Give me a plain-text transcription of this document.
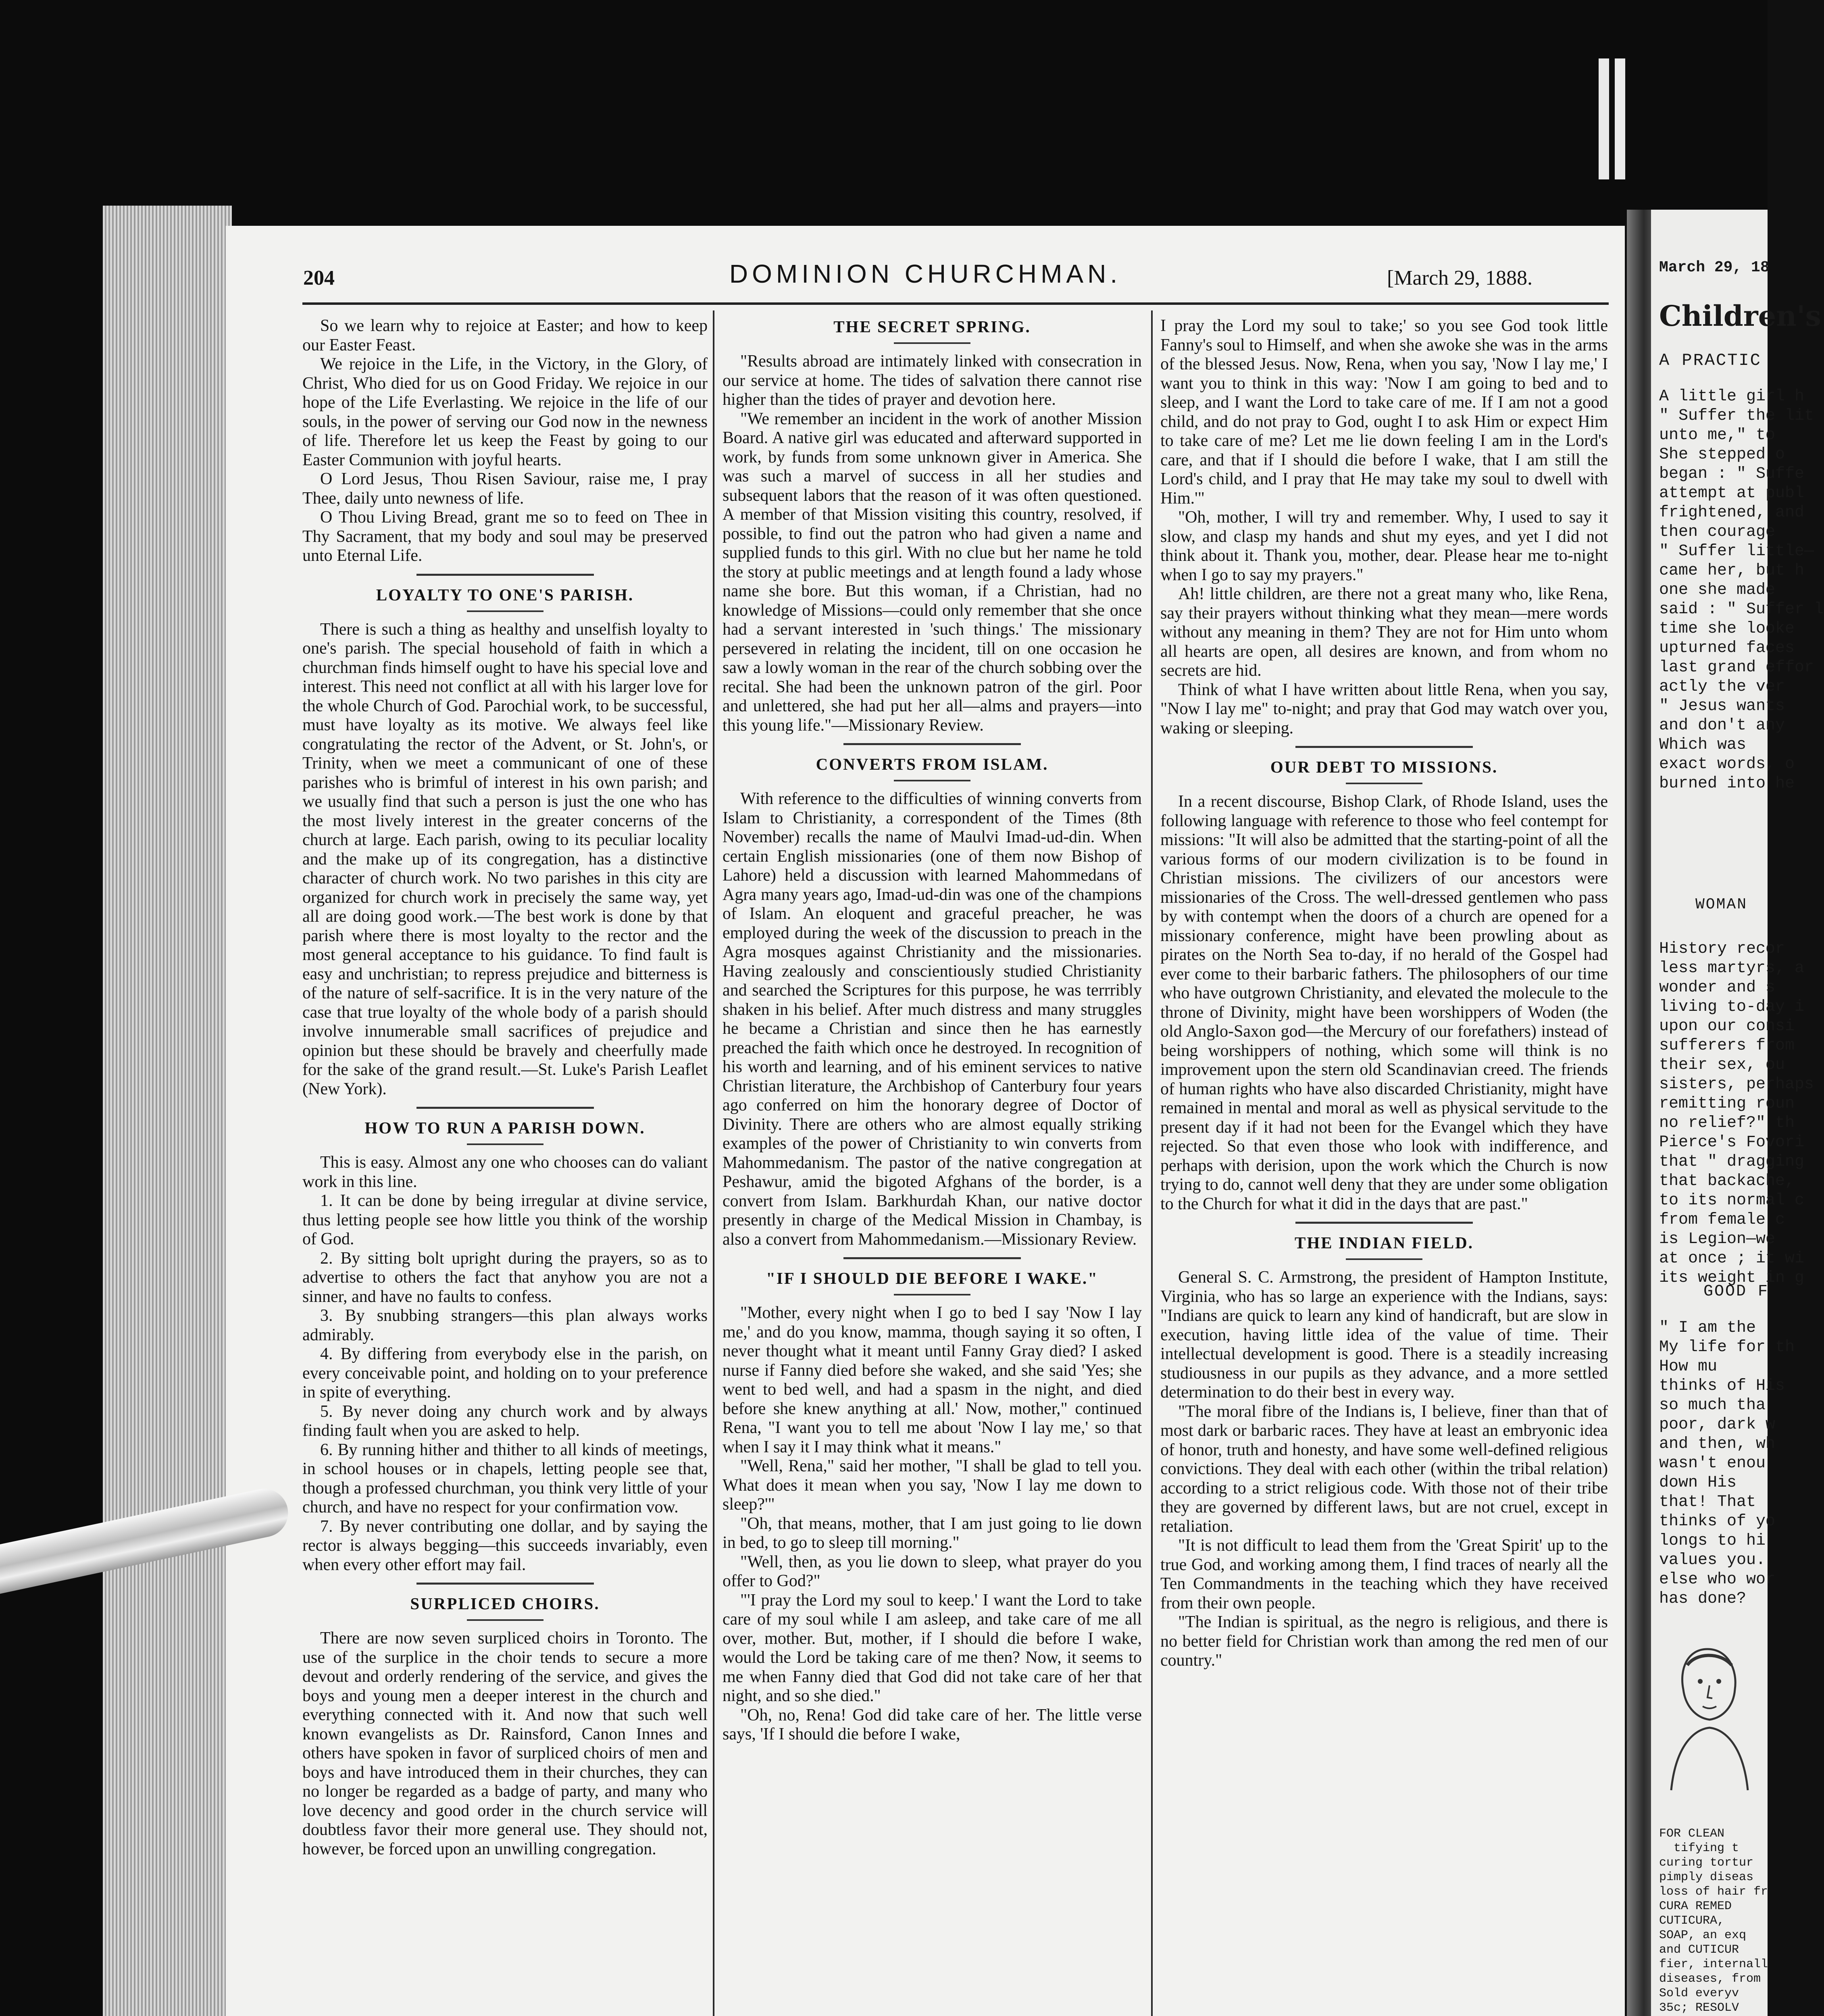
204	DOMINION CHURCHMAN.	[March 29, 1888.

So we learn why to rejoice at Easter; and how to keep our Easter Feast.

We rejoice in the Life, in the Victory, in the Glory, of Christ, Who died for us on Good Friday. We rejoice in our hope of the Life Everlasting. We rejoice in the life of our souls, in the power of serving our God now in the newness of life. Therefore let us keep the Feast by going to our Easter Communion with joyful hearts.

O Lord Jesus, Thou Risen Saviour, raise me, I pray Thee, daily unto newness of life.

O Thou Living Bread, grant me so to feed on Thee in Thy Sacrament, that my body and soul may be preserved unto Eternal Life.

LOYALTY TO ONE'S PARISH.

There is such a thing as healthy and unselfish loyalty to one's parish. The special household of faith in which a churchman finds himself ought to have his special love and interest. This need not conflict at all with his larger love for the whole Church of God. Parochial work, to be successful, must have loyalty as its motive. We always feel like congratulating the rector of the Advent, or St. John's, or Trinity, when we meet a communicant of one of these parishes who is brimful of interest in his own parish; and we usually find that such a person is just the one who has the most lively interest in the greater concerns of the church at large. Each parish, owing to its peculiar locality and the make up of its congregation, has a distinctive character of church work. No two parishes in this city are organized for church work in precisely the same way, yet all are doing good work.—The best work is done by that parish where there is most loyalty to the rector and the most general acceptance to his guidance. To find fault is easy and unchristian; to repress prejudice and bitterness is of the nature of self-sacrifice. It is in the very nature of the case that true loyalty of the whole body of a parish should involve innumerable small sacrifices of prejudice and opinion but these should be bravely and cheerfully made for the sake of the grand result.—St. Luke's Parish Leaflet (New York).

HOW TO RUN A PARISH DOWN.

This is easy. Almost any one who chooses can do valiant work in this line.

1. It can be done by being irregular at divine service, thus letting people see how little you think of the worship of God.

2. By sitting bolt upright during the prayers, so as to advertise to others the fact that anyhow you are not a sinner, and have no faults to confess.

3. By snubbing strangers—this plan always works admirably.

4. By differing from everybody else in the parish, on every conceivable point, and holding on to your preference in spite of everything.

5. By never doing any church work and by always finding fault when you are asked to help.

6. By running hither and thither to all kinds of meetings, in school houses or in chapels, letting people see that, though a professed churchman, you think very little of your church, and have no respect for your confirmation vow.

7. By never contributing one dollar, and by saying the rector is always begging—this succeeds invariably, even when every other effort may fail.

SURPLICED CHOIRS.

There are now seven surpliced choirs in Toronto. The use of the surplice in the choir tends to secure a more devout and orderly rendering of the service, and gives the boys and young men a deeper interest in the church and everything connected with it. And now that such well known evangelists as Dr. Rainsford, Canon Innes and others have spoken in favor of surpliced choirs of men and boys and have introduced them in their churches, they can no longer be regarded as a badge of party, and many who love decency and good order in the church service will doubtless favor their more general use. They should not, however, be forced upon an unwilling congregation.

THE SECRET SPRING.

"Results abroad are intimately linked with consecration in our service at home. The tides of salvation there cannot rise higher than the tides of prayer and devotion here.

"We remember an incident in the work of another Mission Board. A native girl was educated and afterward supported in work, by funds from some unknown giver in America. She was such a marvel of success in all her studies and subsequent labors that the reason of it was often questioned. A member of that Mission visiting this country, resolved, if possible, to find out the patron who had given a name and supplied funds to this girl. With no clue but her name he told the story at public meetings and at length found a lady whose name she bore. But this woman, if a Christian, had no knowledge of Missions—could only remember that she once had a servant interested in 'such things.' The missionary persevered in relating the incident, till on one occasion he saw a lowly woman in the rear of the church sobbing over the recital. She had been the unknown patron of the girl. Poor and unlettered, she had put her all—alms and prayers—into this young life."—Missionary Review.

CONVERTS FROM ISLAM.

With reference to the difficulties of winning converts from Islam to Christianity, a correspondent of the Times (8th November) recalls the name of Maulvi Imad-ud-din. When certain English missionaries (one of them now Bishop of Lahore) held a discussion with learned Mahommedans of Agra many years ago, Imad-ud-din was one of the champions of Islam. An eloquent and graceful preacher, he was employed during the week of the discussion to preach in the Agra mosques against Christianity and the missionaries. Having zealously and conscientiously studied Christianity and searched the Scriptures for this purpose, he was terrribly shaken in his belief. After much distress and many struggles he became a Christian and since then he has earnestly preached the faith which once he destroyed. In recognition of his worth and learning, and of his eminent services to native Christian literature, the Archbishop of Canterbury four years ago conferred on him the honorary degree of Doctor of Divinity. There are others who are almost equally striking examples of the power of Christianity to win converts from Mahommedanism. The pastor of the native congregation at Peshawur, amid the bigoted Afghans of the border, is a convert from Islam. Barkhurdah Khan, our native doctor presently in charge of the Medical Mission in Chambay, is also a convert from Mahommedanism.—Missionary Review.

"IF I SHOULD DIE BEFORE I WAKE."

"Mother, every night when I go to bed I say 'Now I lay me,' and do you know, mamma, though saying it so often, I never thought what it meant until Fanny Gray died? I asked nurse if Fanny died before she waked, and she said 'Yes; she went to bed well, and had a spasm in the night, and died before she knew anything at all.' Now, mother," continued Rena, "I want you to tell me about 'Now I lay me,' so that when I say it I may think what it means."

"Well, Rena," said her mother, "I shall be glad to tell you. What does it mean when you say, 'Now I lay me down to sleep?'"

"Oh, that means, mother, that I am just going to lie down in bed, to go to sleep till morning."

"Well, then, as you lie down to sleep, what prayer do you offer to God?"

"'I pray the Lord my soul to keep.' I want the Lord to take care of my soul while I am asleep, and take care of me all over, mother. But, mother, if I should die before I wake, would the Lord be taking care of me then? Now, it seems to me when Fanny died that God did not take care of her that night, and so she died."

"Oh, no, Rena! God did take care of her. The little verse says, 'If I should die before I wake,

I pray the Lord my soul to take;' so you see God took little Fanny's soul to Himself, and when she awoke she was in the arms of the blessed Jesus. Now, Rena, when you say, 'Now I lay me,' I want you to think in this way: 'Now I am going to bed and to sleep, and I want the Lord to take care of me. If I am not a good child, and do not pray to God, ought I to ask Him or expect Him to take care of me? Let me lie down feeling I am in the Lord's care, and that if I should die before I wake, that I am still the Lord's child, and I pray that He may take my soul to dwell with Him.'"

"Oh, mother, I will try and remember. Why, I used to say it slow, and clasp my hands and shut my eyes, and yet I did not think about it. Thank you, mother, dear. Please hear me to-night when I go to say my prayers."

Ah! little children, are there not a great many who, like Rena, say their prayers without thinking what they mean—mere words without any meaning in them? They are not for Him unto whom all hearts are open, all desires are known, and from whom no secrets are hid.

Think of what I have written about little Rena, when you say, "Now I lay me" to-night; and pray that God may watch over you, waking or sleeping.

OUR DEBT TO MISSIONS.

In a recent discourse, Bishop Clark, of Rhode Island, uses the following language with reference to those who feel contempt for missions: "It will also be admitted that the starting-point of all the various forms of our modern civilization is to be found in Christian missions. The civilizers of our ancestors were missionaries of the Cross. The well-dressed gentlemen who pass by with contempt when the doors of a church are opened for a missionary conference, might have been prowling about as pirates on the North Sea to-day, if no herald of the Gospel had ever come to their barbaric fathers. The philosophers of our time who have outgrown Christianity, and elevated the molecule to the throne of Divinity, might have been worshippers of Woden (the old Anglo-Saxon god—the Mercury of our forefathers) instead of being worshippers of nothing, which some will think is no improvement upon the stern old Scandinavian creed. The friends of human rights who have also discarded Christianity, might have remained in mental and moral as well as physical servitude to the present day if it had not been for the Evangel which they have rejected. So that even those who look with indifference, and perhaps with derision, upon the work which the Church is now trying to do, cannot well deny that they are under some obligation to the Church for what it did in the days that are past."

THE INDIAN FIELD.

General S. C. Armstrong, the president of Hampton Institute, Virginia, who has so large an experience with the Indians, says: "Indians are quick to learn any kind of handicraft, but are slow in execution, having little idea of the value of time. Their intellectual development is good. There is a steadily increasing studiousness in our pupils as they advance, and a more settled determination to do their best in every way.

"The moral fibre of the Indians is, I believe, finer than that of most dark or barbaric races. They have at least an embryonic idea of honor, truth and honesty, and have some well-defined religious convictions. They deal with each other (within the tribal relation) according to a strict religious code. With those not of their tribe they are governed by different laws, but are not cruel, except in retaliation.

"It is not difficult to lead them from the 'Great Spirit' up to the true God, and working among them, I find traces of nearly all the Ten Commandments in the teaching which they have received from their own people.

"The Indian is spiritual, as the negro is religious, and there is no better field for Christian work than among the red men of our country."

March 29, 18
Children's
A PRACTIC
A little girl h
" Suffer the lit
unto me," to
She stepped o
began : " Suffe
attempt at publ
frightened, and
then courage
" Suffer little—
came her, but h
one she made
said : " Suffer l
time she looke
upturned faces
last grand effor
actly the ver
" Jesus wants
and don't any
Which was
exact words, o
burned into he
WOMAN
History recor
less martyrs, a
wonder and s
living to-day i
upon our consi
sufferers from
their sex, ou
sisters, perhaps
remitting roun
no relief?" th
Pierce's Fovori
that " dragging
that backache,
to its normal c
from female c
is Legion—we
at once ; it wi
its weight in g
GOOD F
" I am the
My life for th
How mu
thinks of His
so much tha
poor, dark w
and then, wh
wasn't enou
down His
that! That
thinks of yo
longs to hi
values you.
else who wor
has done?
FOR CLEAN
tifying t
curing tortur
pimply diseas
loss of hair fr
CURA REMED
CUTICURA,
SOAP, an exq
and CUTICUR
fier, internall
diseases, from
Sold everyv
35c; RESOLV
